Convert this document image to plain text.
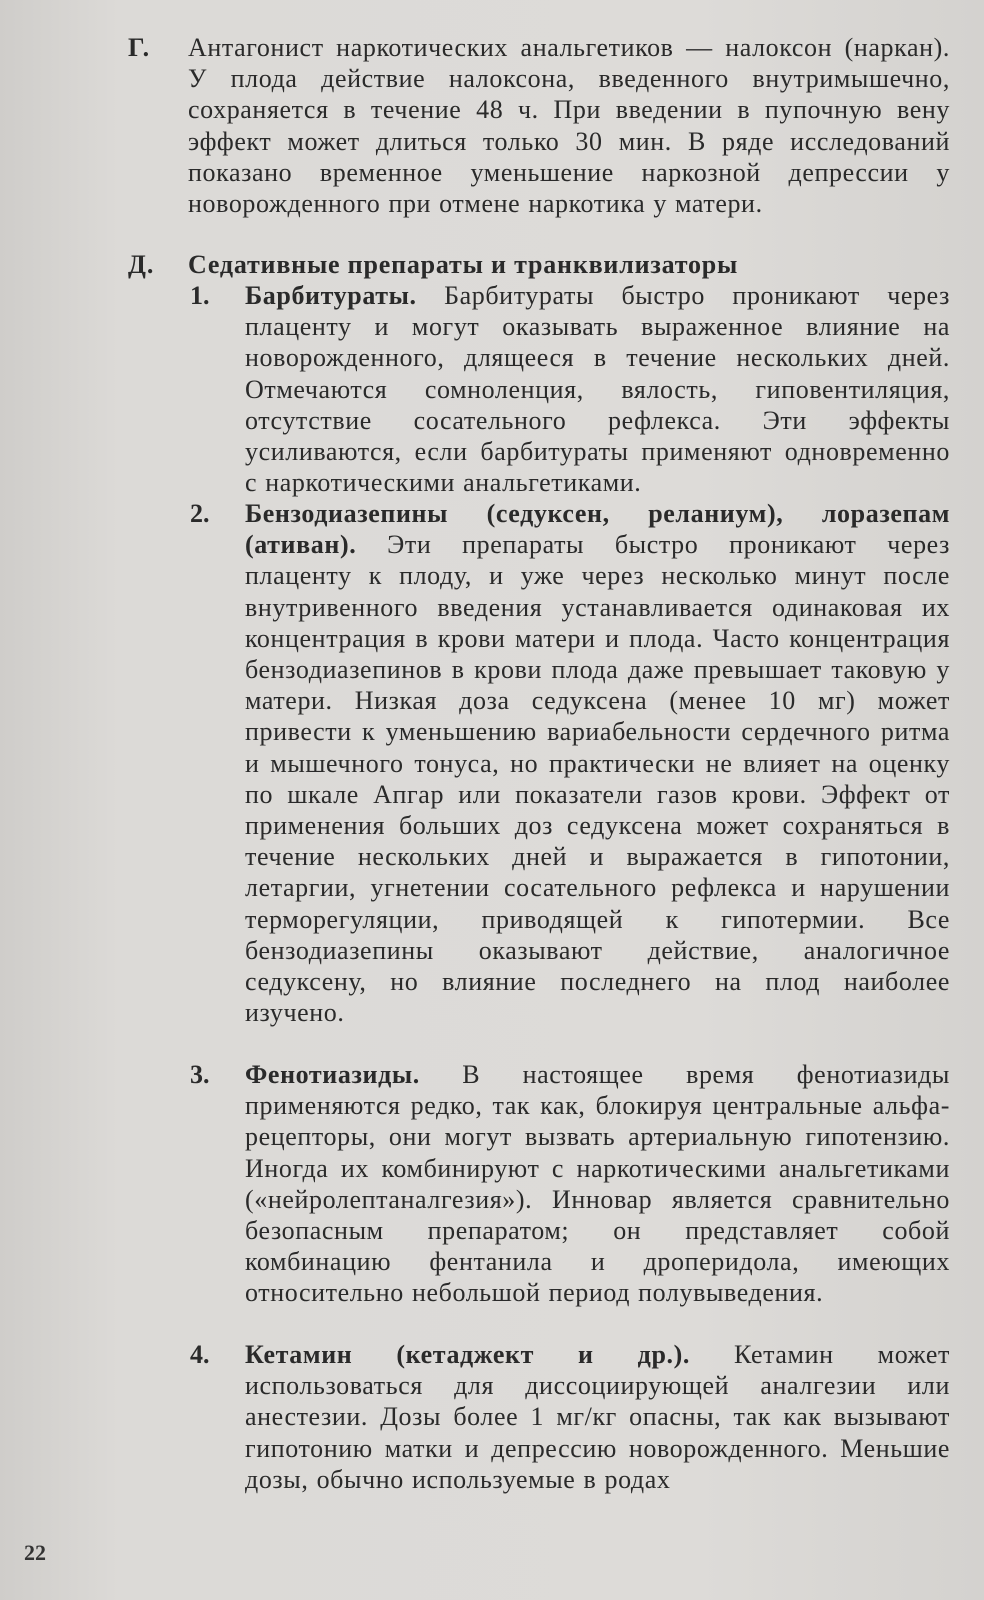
Г. Антагонист наркотических анальгетиков — налоксон (наркан). У плода действие налоксона, введенного внутримышечно, сохраняется в течение 48 ч. При введении в пупочную вену эффект может длиться только 30 мин. В ряде исследований показано временное уменьшение наркозной депрессии у новорожденного при отмене наркотика у матери.
Д. Седативные препараты и транквилизаторы
1. Барбитураты. Барбитураты быстро проникают через плаценту и могут оказывать выраженное влияние на новорожденного, длящееся в течение нескольких дней. Отмечаются сомноленция, вялость, гиповентиляция, отсутствие сосательного рефлекса. Эти эффекты усиливаются, если барбитураты применяют одновременно с наркотическими анальгетиками.
2. Бензодиазепины (седуксен, реланиум), лоразепам (ативан). Эти препараты быстро проникают через плаценту к плоду, и уже через несколько минут после внутривенного введения устанавливается одинаковая их концентрация в крови матери и плода. Часто концентрация бензодиазепинов в крови плода даже превышает таковую у матери. Низкая доза седуксена (менее 10 мг) может привести к уменьшению вариабельности сердечного ритма и мышечного тонуса, но практически не влияет на оценку по шкале Апгар или показатели газов крови. Эффект от применения больших доз седуксена может сохраняться в течение нескольких дней и выражается в гипотонии, летаргии, угнетении сосательного рефлекса и нарушении терморегуляции, приводящей к гипотермии. Все бензодиазепины оказывают действие, аналогичное седуксену, но влияние последнего на плод наиболее изучено.
3. Фенотиазиды. В настоящее время фенотиазиды применяются редко, так как, блокируя центральные альфа-рецепторы, они могут вызвать артериальную гипотензию. Иногда их комбинируют с наркотическими анальгетиками («нейролептаналгезия»). Инновар является сравнительно безопасным препаратом; он представляет собой комбинацию фентанила и дроперидола, имеющих относительно небольшой период полувыведения.
4. Кетамин (кетаджект и др.). Кетамин может использоваться для диссоциирующей аналгезии или анестезии. Дозы более 1 мг/кг опасны, так как вызывают гипотонию матки и депрессию новорожденного. Меньшие дозы, обычно используемые в родах
22
